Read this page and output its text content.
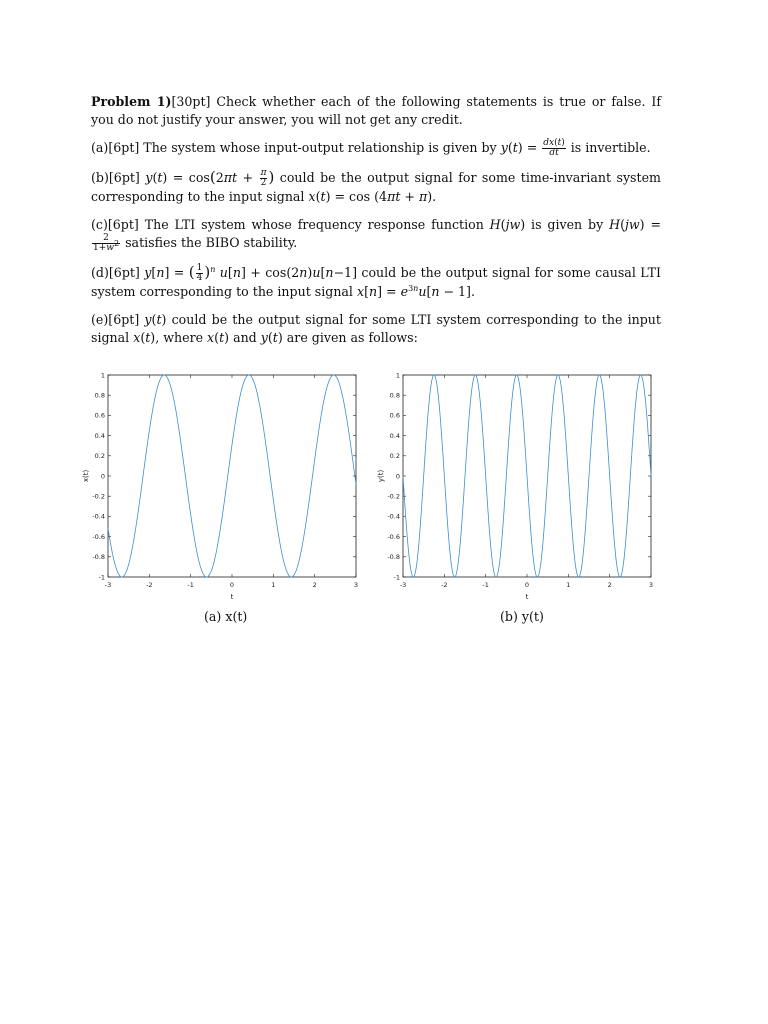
Problem 1)[30pt] Check whether each of the following statements is true or false. If you do not justify your answer, you will not get any credit.

(a)[6pt] The system whose input-output relationship is given by $y(t) = \frac{dx(t)}{dt}$ is invertible.

(b)[6pt] $y(t) = \cos(2\pi t + \frac{\pi}{2}$ ) could be the output signal for some time-invariant system corresponding to the input signal x(t) = cos (4πt + π).

(c)[6pt] The LTI system whose frequency response function H(jw) is given by H(jw) =
$\frac{2}{1+w^2}$ satisfies the BIBO stability.

(d)[6pt] y[n] = ( $\frac{1}{4} )^n$ u[n] + cos(2n)u[n−1] could be the output signal for some causal LTI system corresponding to the input signal $x[n] = e^{3n}u[n - 1]$.

(e)[6pt] y(t) could be the output signal for some LTI system corresponding to the input signal x(t), where x(t) and y(t) are given as follows:

-3	-2	-1	0	1	2	3
-1
-0.8
-0.6
-0.4
-0.2
0
0.2
0.4
0.6
0.8
1
t
x(t)
-3	-2	-1	0	1	2	3
-1
-0.8
-0.6
-0.4
-0.2
0
0.2
0.4
0.6
0.8
1
t
y(t)
(a) x(t)	(b) y(t)
